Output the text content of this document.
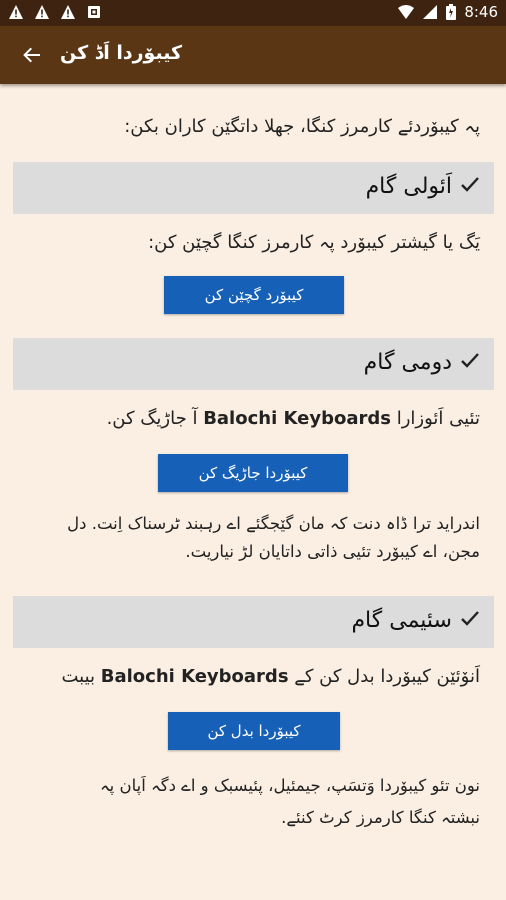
8:46
کیبۆردا اَڈ کن
پہ کیبۆردئے کارمرز کنگا، جھلا داتگێن کاران بکن:
اَئولی گام
یَگ یا گیشتر کیبۆرد پہ کارمرز کنگا گچێن کن:
کیبۆرد گچێن کن
دومی گام
تئیی اَئوزارا Balochi Keyboards آ جاڑیگ کن.
کیبۆردا جاڑیگ کن
اندراید ترا ڈاہ دنت کہ مان گێجگئے اے رہبند ٹرسناک اِنت. دل
مجن، اے کیبۆرد تئیی ذاتی داتایان لڑ نیاریت.
سئیمی گام
اَنۆئێن کیبۆردا بدل کن کے Balochi Keyboards بیبت
کیبۆردا بدل کن
نون تئو کیبۆردا وَتسَپ، جیمئیل، پئیسبک و اے دگہ اَپان پہ
نبشتہ کنگا کارمرز کرٹ کنئے.
